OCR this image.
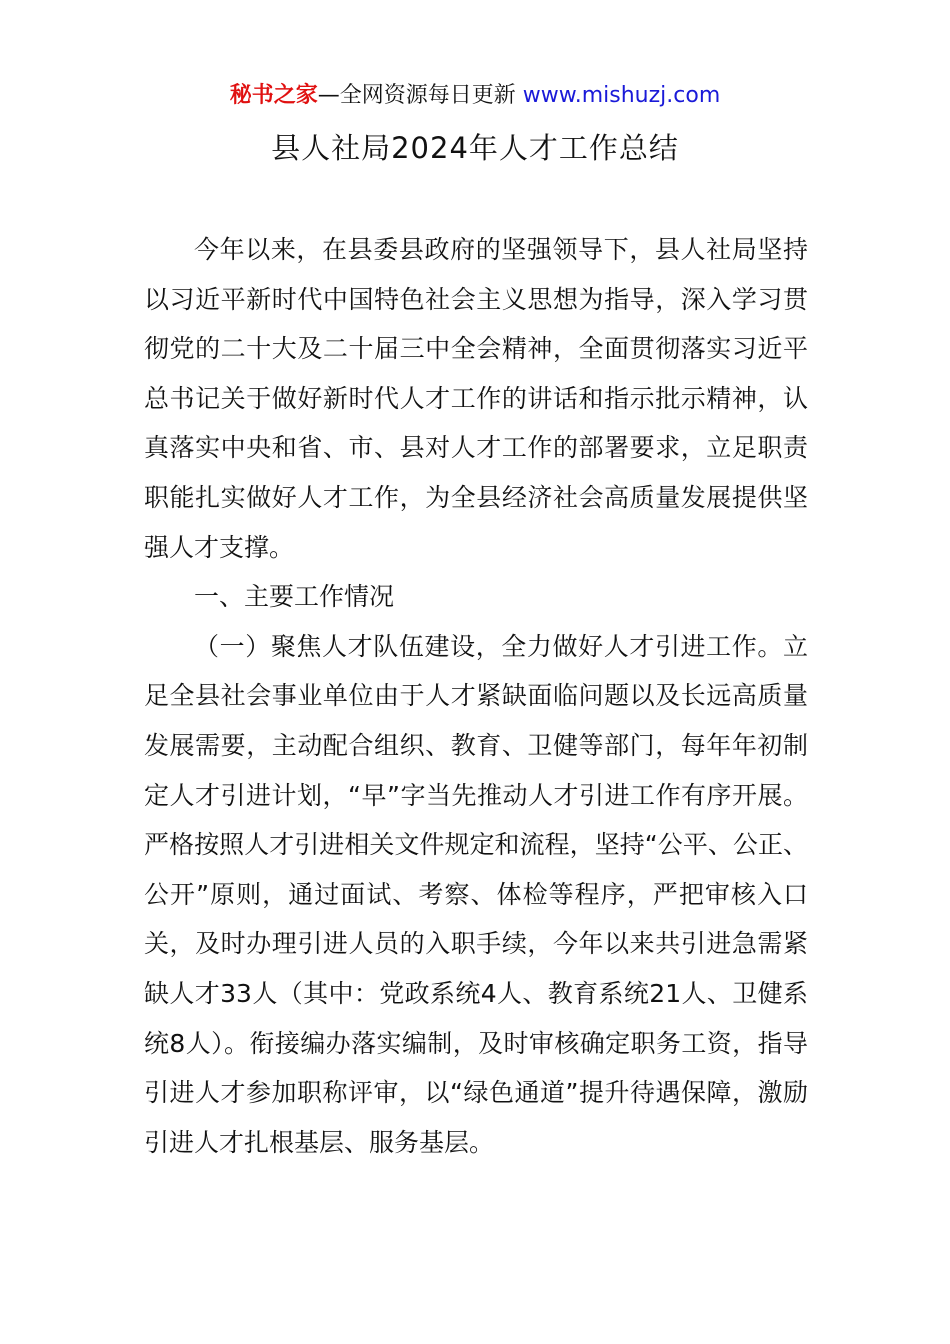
秘书之家—全网资源每日更新 www.mishuzj.com
县人社局2024年人才工作总结

今年以来，在县委县政府的坚强领导下，县人社局坚持以习近平新时代中国特色社会主义思想为指导，深入学习贯彻党的二十大及二十届三中全会精神，全面贯彻落实习近平总书记关于做好新时代人才工作的讲话和指示批示精神，认真落实中央和省、市、县对人才工作的部署要求，立足职责职能扎实做好人才工作，为全县经济社会高质量发展提供坚强人才支撑。

一、主要工作情况

（一）聚焦人才队伍建设，全力做好人才引进工作。立足全县社会事业单位由于人才紧缺面临问题以及长远高质量发展需要，主动配合组织、教育、卫健等部门，每年年初制定人才引进计划，“早”字当先推动人才引进工作有序开展。严格按照人才引进相关文件规定和流程，坚持“公平、公正、公开”原则，通过面试、考察、体检等程序，严把审核入口关，及时办理引进人员的入职手续，今年以来共引进急需紧缺人才33人（其中：党政系统4人、教育系统21人、卫健系统8人）。衔接编办落实编制，及时审核确定职务工资，指导引进人才参加职称评审，以“绿色通道”提升待遇保障，激励引进人才扎根基层、服务基层。
